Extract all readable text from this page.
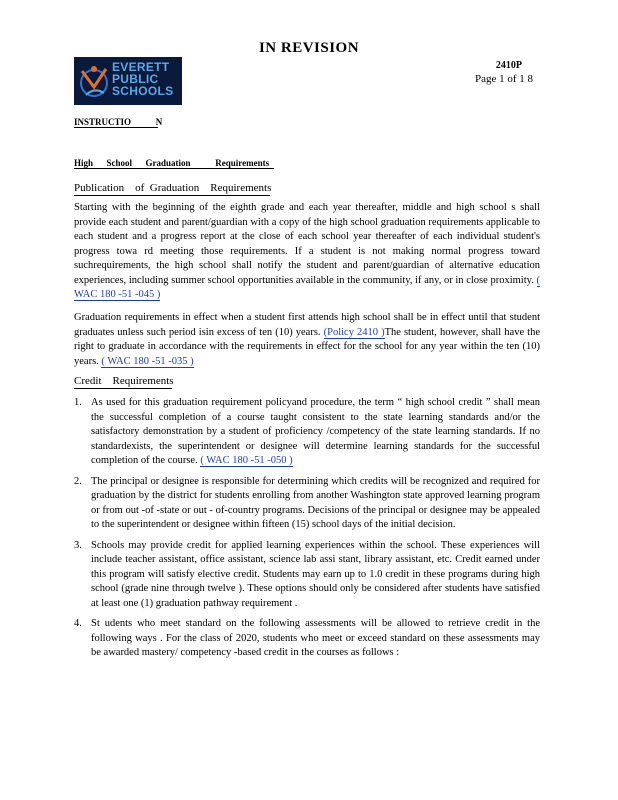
IN REVISION
EVERETT
PUBLIC
SCHOOLS
2410P
Page 1 of 1 8
INSTRUCTIO           N
High      School      Graduation           Requirements
Publication    of  Graduation    Requirements

Starting with the beginning of the eighth grade and each year thereafter, middle and high school s shall provide each student and parent/guardian with a copy of the high school graduation requirements applicable to each student and a progress report at the close of each school year thereafter of each individual student's progress towa rd meeting those requirements. If a student is not making normal progress toward suchrequirements, the high school shall notify the student and parent/guardian of alternative education experiences, including summer school opportunities available in the community, if any, or in close proximity. ( WAC 180 -51 -045 )

Graduation requirements in effect when a student first attends high school shall be in effect until that student graduates unless such period isin excess of ten (10) years. (Policy 2410 )The student, however, shall have the right to graduate in accordance with the requirements in effect for the school for any year within the ten (10) years. ( WAC 180 -51 -035 )

Credit    Requirements
1. As used for this graduation requirement policyand procedure, the term “ high school credit ” shall mean the successful completion of a course taught consistent to the state learning standards and/or the satisfactory demonstration by a student of proficiency /competency of the state learning standards. If no standardexists, the superintendent or designee will determine learning standards for the successful completion of the course. ( WAC 180 -51 -050 )
2. The principal or designee is responsible for determining which credits will be recognized and required for graduation by the district for students enrolling from another Washington state approved learning program or from out -of -state or out - of-country programs. Decisions of the principal or designee may be appealed to the superintendent or designee within fifteen (15) school days of the initial decision.
3. Schools may provide credit for applied learning experiences within the school. These experiences will include teacher assistant, office assistant, science lab assi stant, library assistant, etc. Credit earned under this program will satisfy elective credit. Students may earn up to 1.0 credit in these programs during high school (grade nine through twelve ). These options should only be considered after students have satisfied at least one (1) graduation pathway requirement .
4. St udents who meet standard on the following assessments will be allowed to retrieve credit in the following ways . For the class of 2020, students who meet or exceed standard on these assessments may be awarded mastery/ competency -based credit in the courses as follows :
